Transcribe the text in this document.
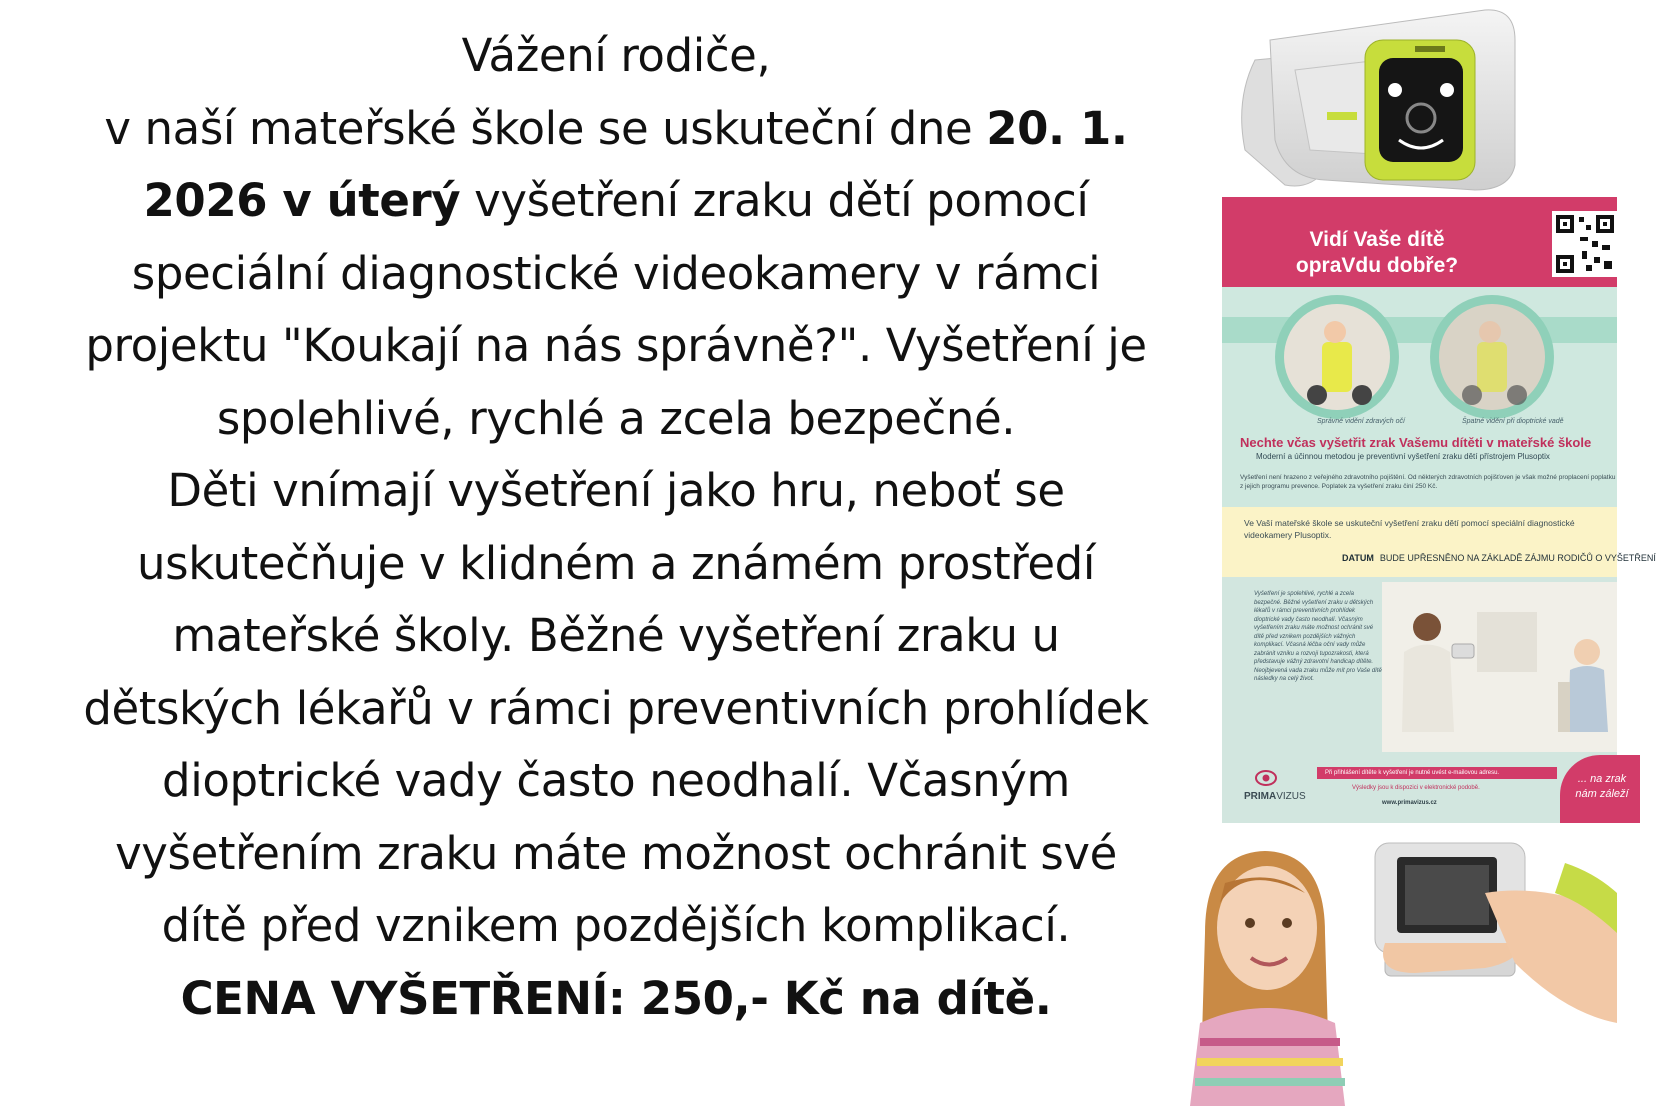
Vážení rodiče,
v naší mateřské škole se uskuteční dne 20. 1.
2026 v úterý vyšetření zraku dětí pomocí
speciální diagnostické videokamery v rámci
projektu "Koukají na nás správně?". Vyšetření je
spolehlivé, rychlé a zcela bezpečné.
Děti vnímají vyšetření jako hru, neboť se
uskutečňuje v klidném a známém prostředí
mateřské školy. Běžné vyšetření zraku u
dětských lékařů v rámci preventivních prohlídek
dioptrické vady často neodhalí. Včasným
vyšetřením zraku máte možnost ochránit své
dítě před vznikem pozdějších komplikací.
CENA VYŠETŘENÍ: 250,- Kč na dítě.
Vidí Vaše dítě
opraVdu dobře?
Správné vidění zdravých očí	Špatné vidění při dioptrické vadě
Nechte včas vyšetřit zrak Vašemu dítěti v mateřské škole
Moderní a účinnou metodou je preventivní vyšetření zraku dětí přístrojem Plusoptix
Vyšetření není hrazeno z veřejného zdravotního pojištění. Od některých zdravotních pojišťoven je však možné proplacení poplatku z jejich programu prevence. Poplatek za vyšetření zraku činí 250 Kč.
Ve Vaší mateřské škole se uskuteční vyšetření zraku dětí pomocí speciální diagnostické videokamery Plusoptix.
DATUM BUDE UPŘESNĚNO NA ZÁKLADĚ ZÁJMU RODIČŮ O VYŠETŘENÍ
Vyšetření je spolehlivé, rychlé a zcela bezpečné. Běžné vyšetření zraku u dětských lékařů v rámci preventivních prohlídek dioptrické vady často neodhalí. Včasným vyšetřením zraku máte možnost ochránit své dítě před vznikem pozdějších vážných komplikací. Včasná léčba oční vady může zabránit vzniku a rozvoji tupozrakosti, která představuje vážný zdravotní handicap dítěte. Neojbjevená vada zraku může mít pro Vaše dítě následky na celý život.
Při přihlášení dítěte k vyšetření je nutné uvést e-mailovou adresu.
Výsledky jsou k dispozici v elektronické podobě.
www.primavizus.cz
PRIMAVIZUS
... na zrak nám záleží
